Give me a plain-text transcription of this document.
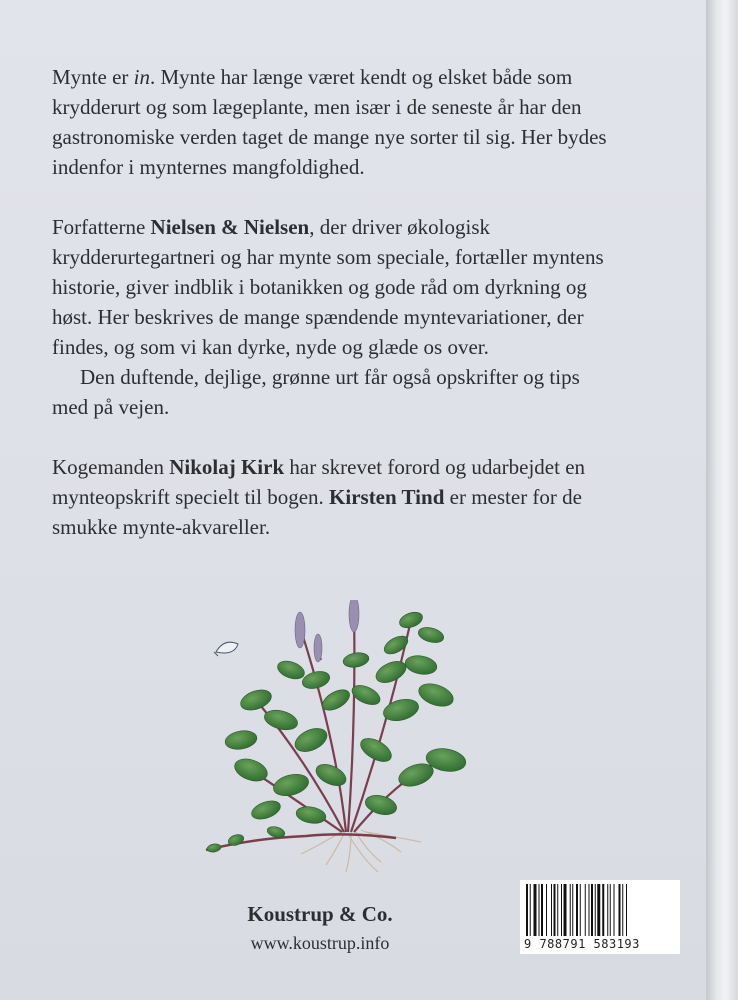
Mynte er in. Mynte har længe været kendt og elsket både som krydderurt og som lægeplante, men især i de seneste år har den gastronomiske verden taget de mange nye sorter til sig. Her bydes indenfor i mynternes mangfoldighed.

Forfatterne Nielsen & Nielsen, der driver økologisk krydderurtegartneri og har mynte som speciale, fortæller myntens historie, giver indblik i botanikken og gode råd om dyrkning og høst. Her beskrives de mange spændende myntevariationer, der findes, og som vi kan dyrke, nyde og glæde os over.

Den duftende, dejlige, grønne urt får også opskrifter og tips med på vejen.

Kogemanden Nikolaj Kirk har skrevet forord og udarbejdet en mynteopskrift specielt til bogen. Kirsten Tind er mester for de smukke mynte-akvareller.

Koustrup & Co.
www.koustrup.info	9 788791 583193
